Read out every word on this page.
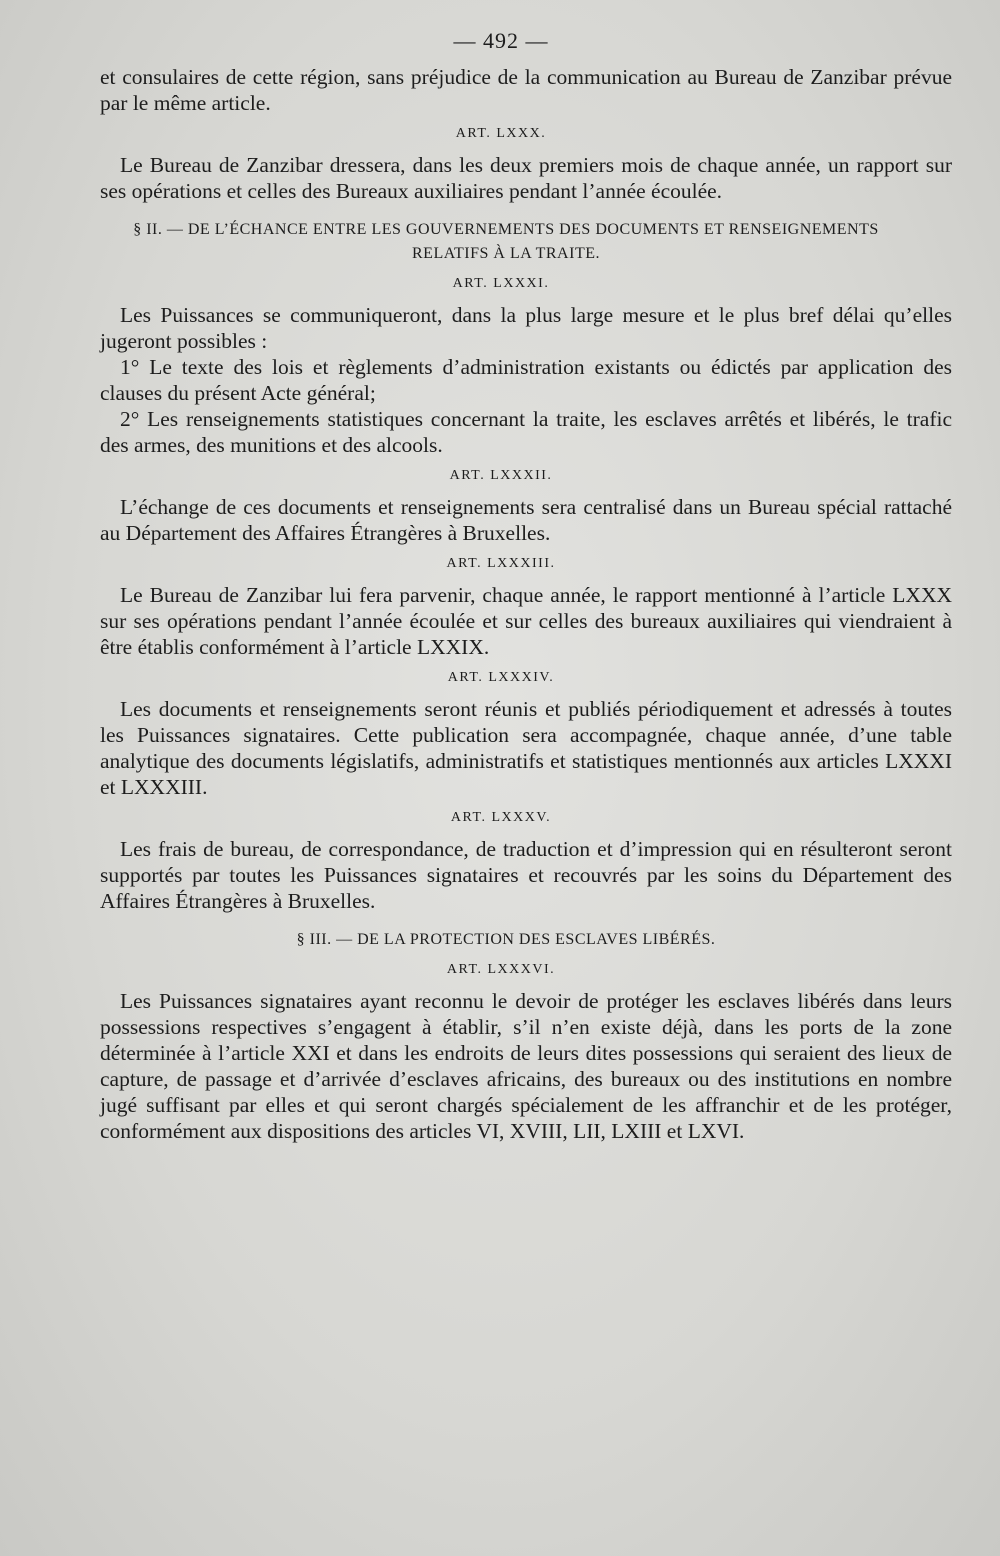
— 492 —

et consulaires de cette région, sans préjudice de la communication au Bureau de Zanzibar prévue par le même article.

ART. LXXX.

Le Bureau de Zanzibar dressera, dans les deux premiers mois de chaque année, un rapport sur ses opérations et celles des Bureaux auxiliaires pendant l’année écoulée.

§ II. — DE L’ÉCHANCE ENTRE LES GOUVERNEMENTS DES DOCUMENTS ET RENSEIGNEMENTS RELATIFS À LA TRAITE.
ART. LXXXI.

Les Puissances se communiqueront, dans la plus large mesure et le plus bref délai qu’elles jugeront possibles :

1° Le texte des lois et règlements d’administration existants ou édictés par application des clauses du présent Acte général;

2° Les renseignements statistiques concernant la traite, les esclaves arrêtés et libérés, le trafic des armes, des munitions et des alcools.

ART. LXXXII.

L’échange de ces documents et renseignements sera centralisé dans un Bureau spécial rattaché au Département des Affaires Étrangères à Bruxelles.

ART. LXXXIII.

Le Bureau de Zanzibar lui fera parvenir, chaque année, le rapport mentionné à l’article LXXX sur ses opérations pendant l’année écoulée et sur celles des bureaux auxiliaires qui viendraient à être établis conformément à l’article LXXIX.

ART. LXXXIV.

Les documents et renseignements seront réunis et publiés périodiquement et adressés à toutes les Puissances signataires. Cette publication sera accompagnée, chaque année, d’une table analytique des documents législatifs, administratifs et statistiques mentionnés aux articles LXXXI et LXXXIII.

ART. LXXXV.

Les frais de bureau, de correspondance, de traduction et d’impression qui en résulteront seront supportés par toutes les Puissances signataires et recouvrés par les soins du Département des Affaires Étrangères à Bruxelles.

§ III. — DE LA PROTECTION DES ESCLAVES LIBÉRÉS.
ART. LXXXVI.

Les Puissances signataires ayant reconnu le devoir de protéger les esclaves libérés dans leurs possessions respectives s’engagent à établir, s’il n’en existe déjà, dans les ports de la zone déterminée à l’article XXI et dans les endroits de leurs dites possessions qui seraient des lieux de capture, de passage et d’arrivée d’esclaves africains, des bureaux ou des institutions en nombre jugé suffisant par elles et qui seront chargés spécialement de les affranchir et de les protéger, conformément aux dispositions des articles VI, XVIII, LII, LXIII et LXVI.
